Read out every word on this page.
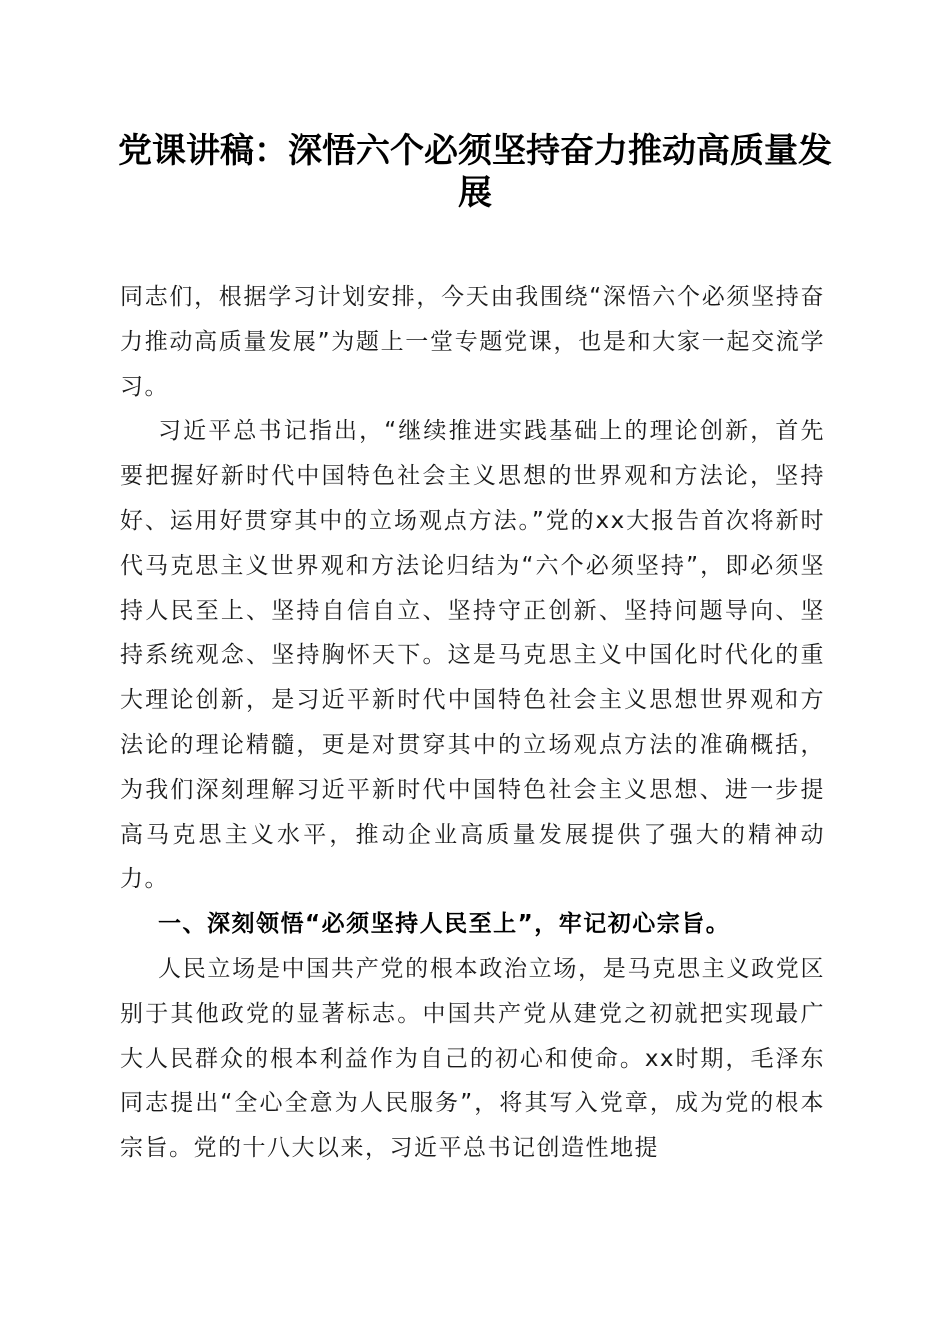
党课讲稿：深悟六个必须坚持奋力推动高质量发展

同志们，根据学习计划安排，今天由我围绕“深悟六个必须坚持奋力推动高质量发展”为题上一堂专题党课，也是和大家一起交流学习。

习近平总书记指出，“继续推进实践基础上的理论创新，首先要把握好新时代中国特色社会主义思想的世界观和方法论，坚持好、运用好贯穿其中的立场观点方法。”党的xx大报告首次将新时代马克思主义世界观和方法论归结为“六个必须坚持”，即必须坚持人民至上、坚持自信自立、坚持守正创新、坚持问题导向、坚持系统观念、坚持胸怀天下。这是马克思主义中国化时代化的重大理论创新，是习近平新时代中国特色社会主义思想世界观和方法论的理论精髓，更是对贯穿其中的立场观点方法的准确概括，为我们深刻理解习近平新时代中国特色社会主义思想、进一步提高马克思主义水平，推动企业高质量发展提供了强大的精神动力。

一、深刻领悟“必须坚持人民至上”，牢记初心宗旨。

人民立场是中国共产党的根本政治立场，是马克思主义政党区别于其他政党的显著标志。中国共产党从建党之初就把实现最广大人民群众的根本利益作为自己的初心和使命。xx时期，毛泽东同志提出“全心全意为人民服务”，将其写入党章，成为党的根本宗旨。党的十八大以来，习近平总书记创造性地提
